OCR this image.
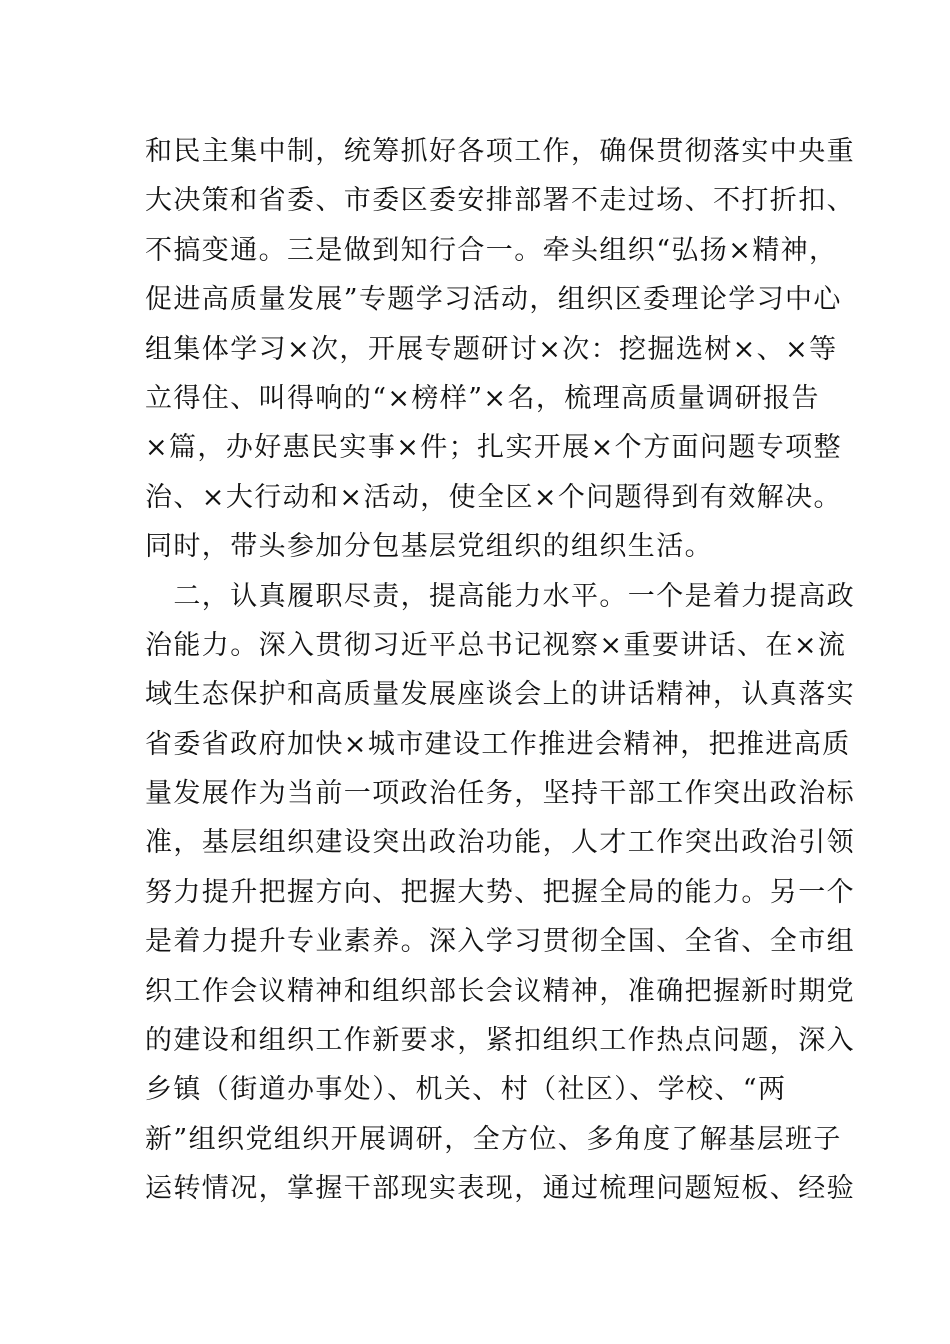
和民主集中制，统筹抓好各项工作，确保贯彻落实中央重
大决策和省委、市委区委安排部署不走过场、不打折扣、
不搞变通。三是做到知行合一。牵头组织“弘扬×精神，
促进高质量发展”专题学习活动，组织区委理论学习中心
组集体学习×次，开展专题研讨×次：挖掘选树×、×等
立得住、叫得响的“×榜样”×名，梳理高质量调研报告
×篇，办好惠民实事×件；扎实开展×个方面问题专项整
治、×大行动和×活动，使全区×个问题得到有效解决。
同时，带头参加分包基层党组织的组织生活。
　二，认真履职尽责，提高能力水平。一个是着力提高政
治能力。深入贯彻习近平总书记视察×重要讲话、在×流
域生态保护和高质量发展座谈会上的讲话精神，认真落实
省委省政府加快×城市建设工作推进会精神，把推进高质
量发展作为当前一项政治任务，坚持干部工作突出政治标
准，基层组织建设突出政治功能，人才工作突出政治引领
努力提升把握方向、把握大势、把握全局的能力。另一个
是着力提升专业素养。深入学习贯彻全国、全省、全市组
织工作会议精神和组织部长会议精神，准确把握新时期党
的建设和组织工作新要求，紧扣组织工作热点问题，深入
乡镇（街道办事处）、机关、村（社区）、学校、“两
新”组织党组织开展调研，全方位、多角度了解基层班子
运转情况，掌握干部现实表现，通过梳理问题短板、经验
